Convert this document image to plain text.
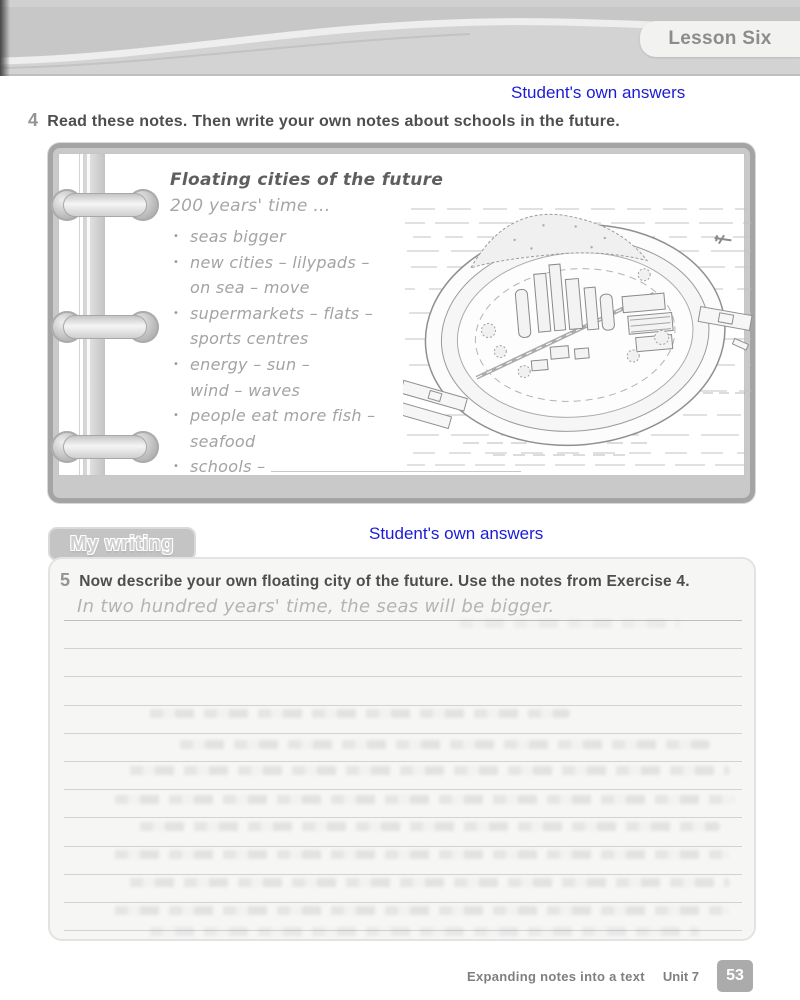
Lesson Six
Student's own answers
Student's own answers
4 Read these notes. Then write your own notes about schools in the future.
Floating cities of the future
200 years' time ...
• seas bigger
• new cities – lilypads –
on sea – move
• supermarkets – flats –
sports centres
• energy – sun –
wind – waves
• people eat more fish –
seafood
• schools –
My writing
5 Now describe your own floating city of the future. Use the notes from Exercise 4.
In two hundred years' time, the seas will be bigger.
Expanding notes into a text Unit 7 53
